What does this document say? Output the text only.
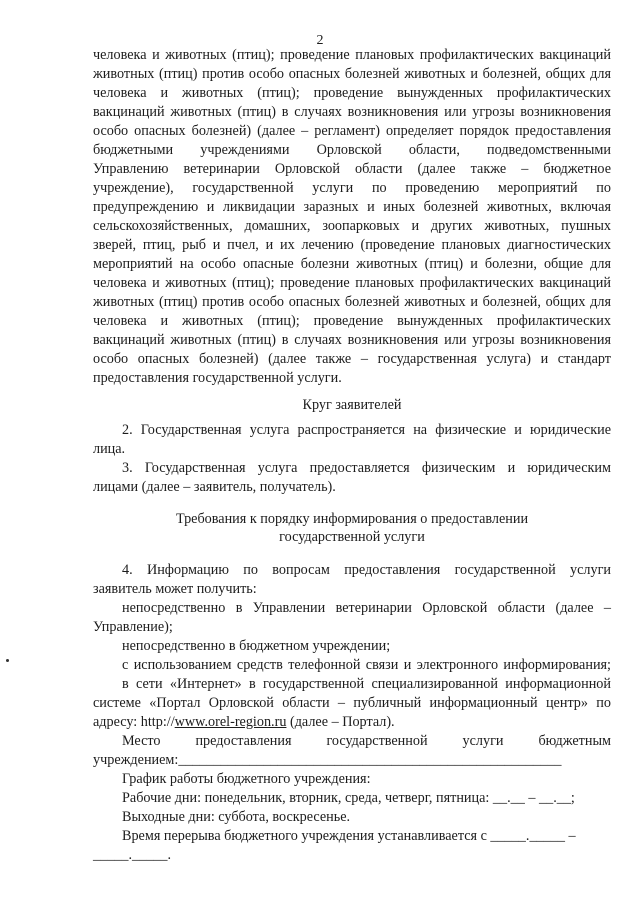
2
человека и животных (птиц); проведение плановых профилактических вакцинаций
животных (птиц) против особо опасных болезней животных и болезней, общих для
человека и животных (птиц); проведение вынужденных профилактических
вакцинаций животных (птиц) в случаях возникновения или угрозы возникновения
особо опасных болезней) (далее – регламент) определяет порядок предоставления
бюджетными учреждениями Орловской области, подведомственными
Управлению ветеринарии Орловской области (далее также – бюджетное
учреждение), государственной услуги по проведению мероприятий по
предупреждению и ликвидации заразных и иных болезней животных, включая
сельскохозяйственных, домашних, зоопарковых и других животных, пушных
зверей, птиц, рыб и пчел, и их лечению (проведение плановых диагностических
мероприятий на особо опасные болезни животных (птиц) и болезни, общие для
человека и животных (птиц); проведение плановых профилактических вакцинаций
животных (птиц) против особо опасных болезней животных и болезней, общих для
человека и животных (птиц); проведение вынужденных профилактических
вакцинаций животных (птиц) в случаях возникновения или угрозы возникновения
особо опасных болезней) (далее также – государственная услуга) и стандарт
предоставления государственной услуги.
Круг заявителей
2. Государственная услуга распространяется на физические и юридические
лица.
3. Государственная услуга предоставляется физическим и юридическим
лицами (далее – заявитель, получатель).
Требования к порядку информирования о предоставлении
государственной услуги
4. Информацию по вопросам предоставления государственной услуги
заявитель может получить:
непосредственно в Управлении ветеринарии Орловской области (далее –
Управление);
непосредственно в бюджетном учреждении;
с использованием средств телефонной связи и электронного информирования;
в сети «Интернет» в государственной специализированной информационной
системе «Портал Орловской области – публичный информационный центр» по
адресу: http://www.orel-region.ru (далее – Портал).
Место предоставления государственной услуги бюджетным
учреждением:______________________________________________________
График работы бюджетного учреждения:
Рабочие дни: понедельник, вторник, среда, четверг, пятница: __.__ – __.__;
Выходные дни: суббота, воскресенье.
Время перерыва бюджетного учреждения устанавливается с _____._____ –
_____._____.
